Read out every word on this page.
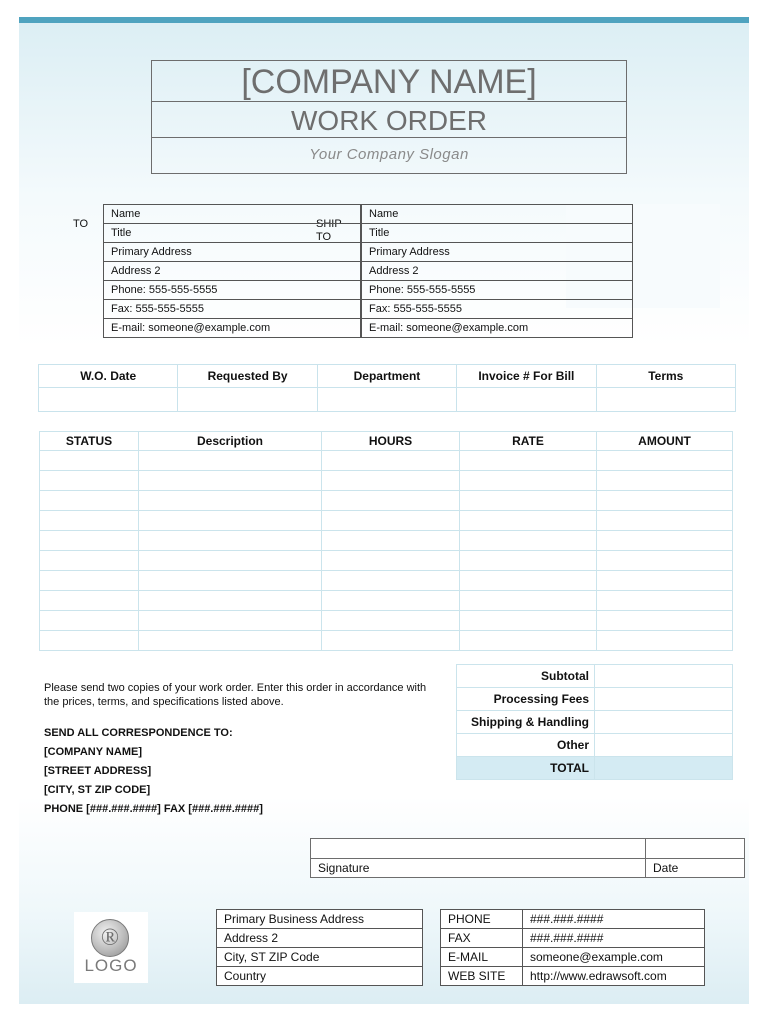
[COMPANY NAME]
WORK ORDER
Your Company Slogan
TO	SHIP TO
Name
Title
Primary Address
Address 2
Phone: 555-555-5555
Fax: 555-555-5555
E-mail: someone@example.com
Name
Title
Primary Address
Address 2
Phone: 555-555-5555
Fax: 555-555-5555
E-mail: someone@example.com
W.O. Date	Requested By	Department	Invoice # For Bill	Terms

STATUS	Description	HOURS	RATE	AMOUNT

Please send two copies of your work order. Enter this order in accordance with the prices, terms, and specifications listed above.
SEND ALL CORRESPONDENCE TO:
[COMPANY NAME]
[STREET ADDRESS]
[CITY, ST ZIP CODE]
PHONE [###.###.####] FAX [###.###.####]
Subtotal	
Processing Fees	
Shipping & Handling	
Other	
TOTAL	

Signature	Date
®
LOGO
Primary Business Address
Address 2
City, ST ZIP Code
Country
PHONE	###.###.####
FAX	###.###.####
E-MAIL	someone@example.com
WEB SITE	http://www.edrawsoft.com
